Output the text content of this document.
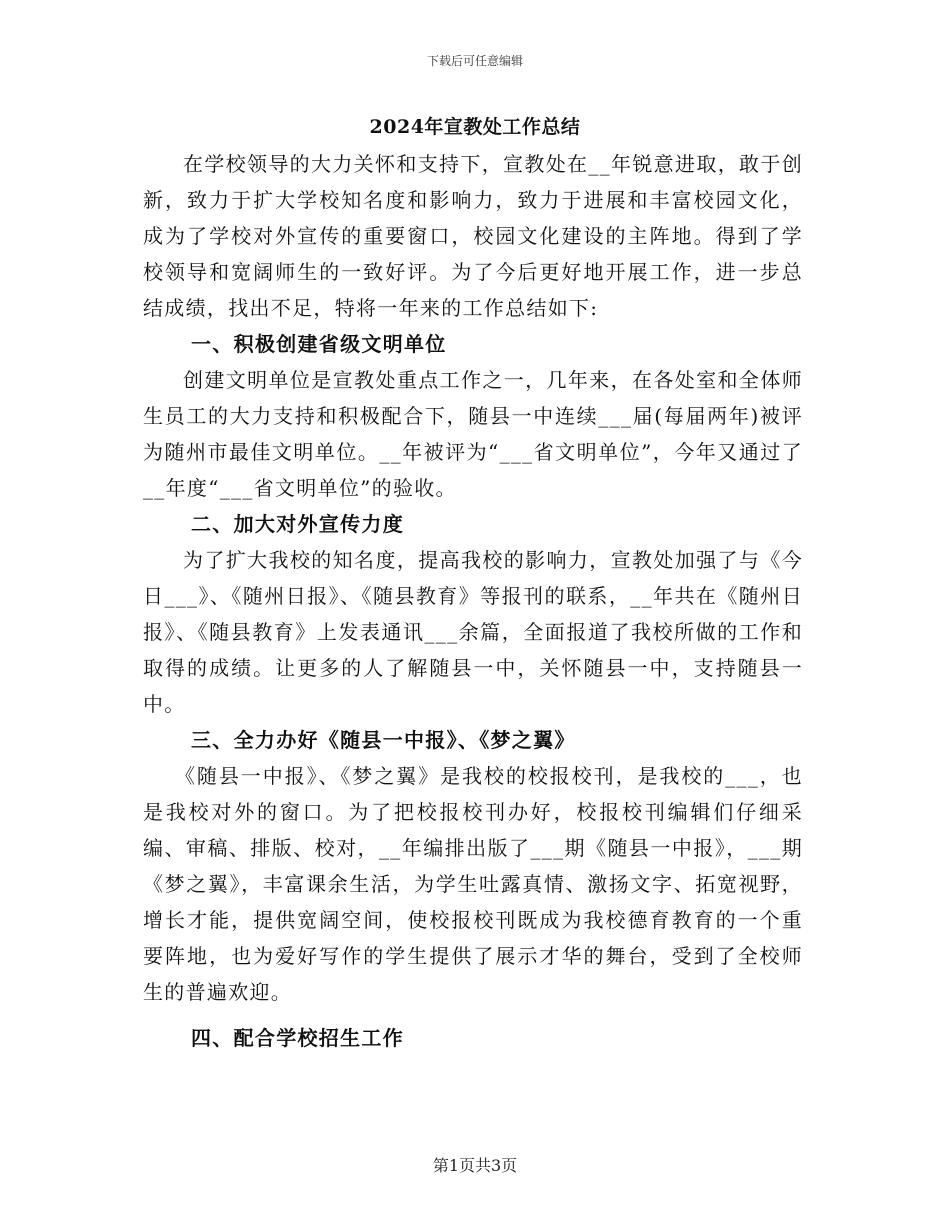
下载后可任意编辑
2024年宣教处工作总结

在学校领导的大力关怀和支持下，宣教处在__年锐意进取，敢于创新，致力于扩大学校知名度和影响力，致力于进展和丰富校园文化，成为了学校对外宣传的重要窗口，校园文化建设的主阵地。得到了学校领导和宽阔师生的一致好评。为了今后更好地开展工作，进一步总结成绩，找出不足，特将一年来的工作总结如下:

一、积极创建省级文明单位

创建文明单位是宣教处重点工作之一，几年来，在各处室和全体师生员工的大力支持和积极配合下，随县一中连续___届(每届两年)被评为随州市最佳文明单位。__年被评为“___省文明单位”，今年又通过了__年度“___省文明单位”的验收。

二、加大对外宣传力度

为了扩大我校的知名度，提高我校的影响力，宣教处加强了与《今日___》、《随州日报》、《随县教育》等报刊的联系，__年共在《随州日报》、《随县教育》上发表通讯___余篇，全面报道了我校所做的工作和取得的成绩。让更多的人了解随县一中，关怀随县一中，支持随县一中。

三、全力办好《随县一中报》、《梦之翼》

《随县一中报》、《梦之翼》是我校的校报校刊，是我校的___，也是我校对外的窗口。为了把校报校刊办好，校报校刊编辑们仔细采编、审稿、排版、校对，__年编排出版了___期《随县一中报》，___期《梦之翼》，丰富课余生活，为学生吐露真情、激扬文字、拓宽视野，增长才能，提供宽阔空间，使校报校刊既成为我校德育教育的一个重要阵地，也为爱好写作的学生提供了展示才华的舞台，受到了全校师生的普遍欢迎。

四、配合学校招生工作

第1页共3页
